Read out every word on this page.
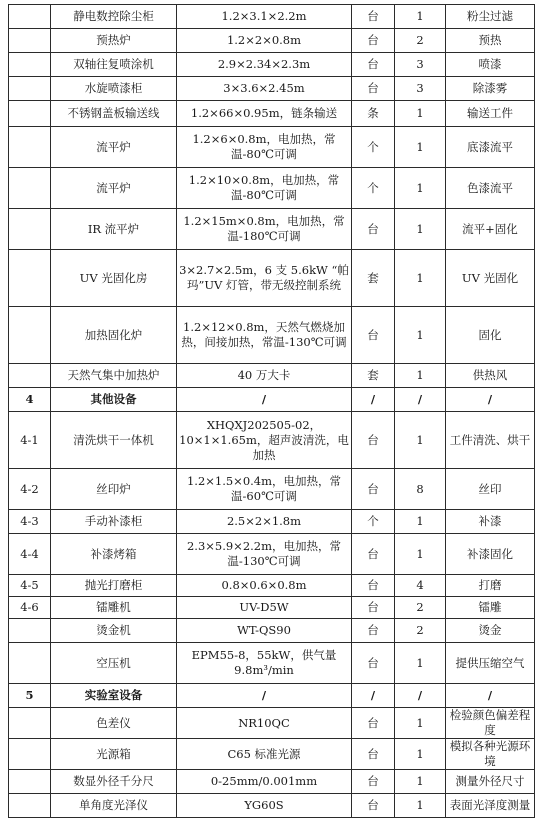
	静电数控除尘柜	1.2×3.1×2.2m	台	1	粉尘过滤
	预热炉	1.2×2×0.8m	台	2	预热
	双轴往复喷涂机	2.9×2.34×2.3m	台	3	喷漆
	水旋喷漆柜	3×3.6×2.45m	台	3	除漆雾
	不锈钢盖板输送线	1.2×66×0.95m，链条输送	条	1	输送工件
	流平炉	1.2×6×0.8m，电加热，常温-80℃可调	个	1	底漆流平
	流平炉	1.2×10×0.8m，电加热，常温-80℃可调	个	1	色漆流平
	IR 流平炉	1.2×15m×0.8m，电加热，常温-180℃可调	台	1	流平+固化
	UV 光固化房	3×2.7×2.5m，6 支 5.6kW “帕玛”UV 灯管，带无级控制系统	套	1	UV 光固化
	加热固化炉	1.2×12×0.8m，天然气燃烧加热，间接加热，常温-130℃可调	台	1	固化
	天然气集中加热炉	40 万大卡	套	1	供热风
4	其他设备	/	/	/	/
4-1	清洗烘干一体机	XHQXJ202505-02，10×1×1.65m，超声波清洗，电加热	台	1	工件清洗、烘干
4-2	丝印炉	1.2×1.5×0.4m，电加热，常温-60℃可调	台	8	丝印
4-3	手动补漆柜	2.5×2×1.8m	个	1	补漆
4-4	补漆烤箱	2.3×5.9×2.2m，电加热，常温-130℃可调	台	1	补漆固化
4-5	抛光打磨柜	0.8×0.6×0.8m	台	4	打磨
4-6	镭雕机	UV-D5W	台	2	镭雕
	烫金机	WT-QS90	台	2	烫金
	空压机	EPM55-8，55kW，供气量 9.8m³/min	台	1	提供压缩空气
5	实验室设备	/	/	/	/
	色差仪	NR10QC	台	1	检验颜色偏差程度
	光源箱	C65 标准光源	台	1	模拟各种光源环境
	数显外径千分尺	0-25mm/0.001mm	台	1	测量外径尺寸
	单角度光泽仪	YG60S	台	1	表面光泽度测量
